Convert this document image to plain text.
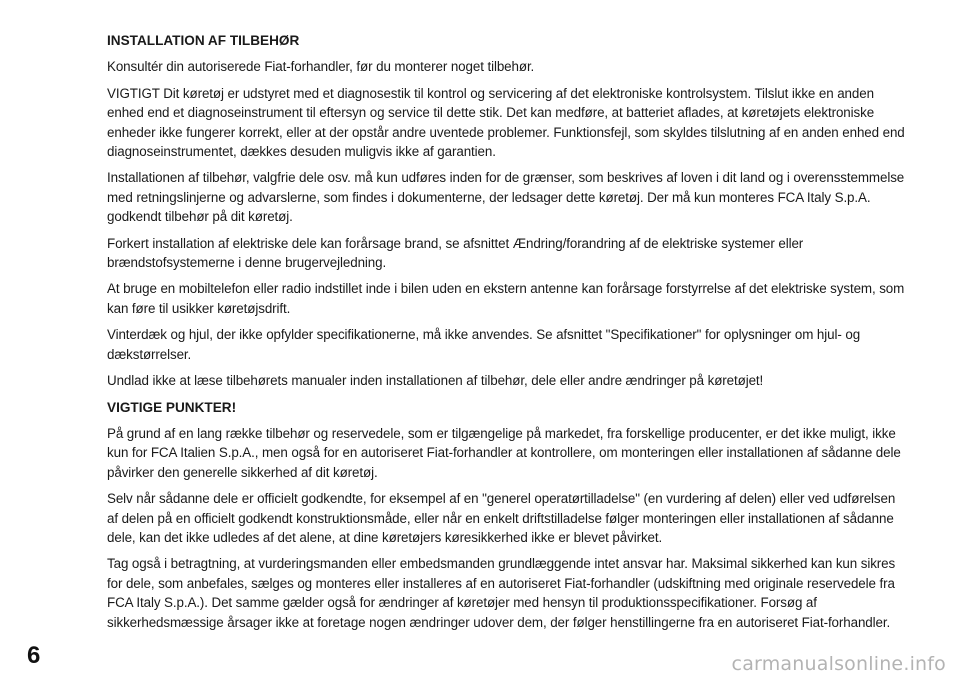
INSTALLATION AF TILBEHØR

Konsultér din autoriserede Fiat-forhandler, før du monterer noget tilbehør.

VIGTIGT Dit køretøj er udstyret med et diagnosestik til kontrol og servicering af det elektroniske kontrolsystem. Tilslut ikke en anden enhed end et diagnoseinstrument til eftersyn og service til dette stik. Det kan medføre, at batteriet aflades, at køretøjets elektroniske enheder ikke fungerer korrekt, eller at der opstår andre uventede problemer. Funktionsfejl, som skyldes tilslutning af en anden enhed end diagnoseinstrumentet, dækkes desuden muligvis ikke af garantien.

Installationen af tilbehør, valgfrie dele osv. må kun udføres inden for de grænser, som beskrives af loven i dit land og i overensstemmelse med retningslinjerne og advarslerne, som findes i dokumenterne, der ledsager dette køretøj. Der må kun monteres FCA Italy S.p.A. godkendt tilbehør på dit køretøj.

Forkert installation af elektriske dele kan forårsage brand, se afsnittet Ændring/forandring af de elektriske systemer eller brændstofsystemerne i denne brugervejledning.

At bruge en mobiltelefon eller radio indstillet inde i bilen uden en ekstern antenne kan forårsage forstyrrelse af det elektriske system, som kan føre til usikker køretøjsdrift.

Vinterdæk og hjul, der ikke opfylder specifikationerne, må ikke anvendes. Se afsnittet "Specifikationer" for oplysninger om hjul- og dækstørrelser.

Undlad ikke at læse tilbehørets manualer inden installationen af tilbehør, dele eller andre ændringer på køretøjet!

VIGTIGE PUNKTER!

På grund af en lang række tilbehør og reservedele, som er tilgængelige på markedet, fra forskellige producenter, er det ikke muligt, ikke kun for FCA Italien S.p.A., men også for en autoriseret Fiat-forhandler at kontrollere, om monteringen eller installationen af sådanne dele påvirker den generelle sikkerhed af dit køretøj.

Selv når sådanne dele er officielt godkendte, for eksempel af en "generel operatørtilladelse" (en vurdering af delen) eller ved udførelsen af delen på en officielt godkendt konstruktionsmåde, eller når en enkelt driftstilladelse følger monteringen eller installationen af sådanne dele, kan det ikke udledes af det alene, at dine køretøjers køresikkerhed ikke er blevet påvirket.

Tag også i betragtning, at vurderingsmanden eller embedsmanden grundlæggende intet ansvar har. Maksimal sikkerhed kan kun sikres for dele, som anbefales, sælges og monteres eller installeres af en autoriseret Fiat-forhandler (udskiftning med originale reservedele fra FCA Italy S.p.A.). Det samme gælder også for ændringer af køretøjer med hensyn til produktionsspecifikationer. Forsøg af sikkerhedsmæssige årsager ikke at foretage nogen ændringer udover dem, der følger henstillingerne fra en autoriseret Fiat-forhandler.

6	carmanualsonline.info
